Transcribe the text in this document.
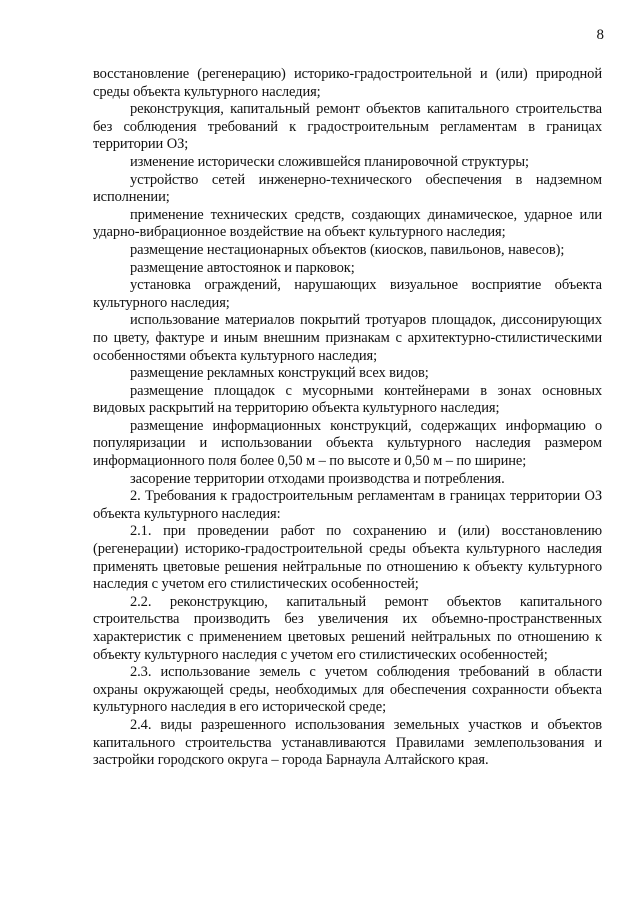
8

восстановление (регенерацию) историко-градостроительной и (или) природной среды объекта культурного наследия;

реконструкция, капитальный ремонт объектов капитального строительства без соблюдения требований к градостроительным регламентам в границах территории ОЗ;

изменение исторически сложившейся планировочной структуры;

устройство сетей инженерно-технического обеспечения в надземном исполнении;

применение технических средств, создающих динамическое, ударное или ударно-вибрационное воздействие на объект культурного наследия;

размещение нестационарных объектов (киосков, павильонов, навесов);

размещение автостоянок и парковок;

установка ограждений, нарушающих визуальное восприятие объекта культурного наследия;

использование материалов покрытий тротуаров площадок, диссонирующих по цвету, фактуре и иным внешним признакам с архитектурно-стилистическими особенностями объекта культурного наследия;

размещение рекламных конструкций всех видов;

размещение площадок с мусорными контейнерами в зонах основных видовых раскрытий на территорию объекта культурного наследия;

размещение информационных конструкций, содержащих информацию о популяризации и использовании объекта культурного наследия размером информационного поля более 0,50 м – по высоте и 0,50 м – по ширине;

засорение территории отходами производства и потребления.

2. Требования к градостроительным регламентам в границах территории ОЗ объекта культурного наследия:

2.1. при проведении работ по сохранению и (или) восстановлению (регенерации) историко-градостроительной среды объекта культурного наследия применять цветовые решения нейтральные по отношению к объекту культурного наследия с учетом его стилистических особенностей;

2.2. реконструкцию, капитальный ремонт объектов капитального строительства производить без увеличения их объемно-пространственных характеристик с применением цветовых решений нейтральных по отношению к объекту культурного наследия с учетом его стилистических особенностей;

2.3. использование земель с учетом соблюдения требований в области охраны окружающей среды, необходимых для обеспечения сохранности объекта культурного наследия в его исторической среде;

2.4. виды разрешенного использования земельных участков и объектов капитального строительства устанавливаются Правилами землепользования и застройки городского округа – города Барнаула Алтайского края.
